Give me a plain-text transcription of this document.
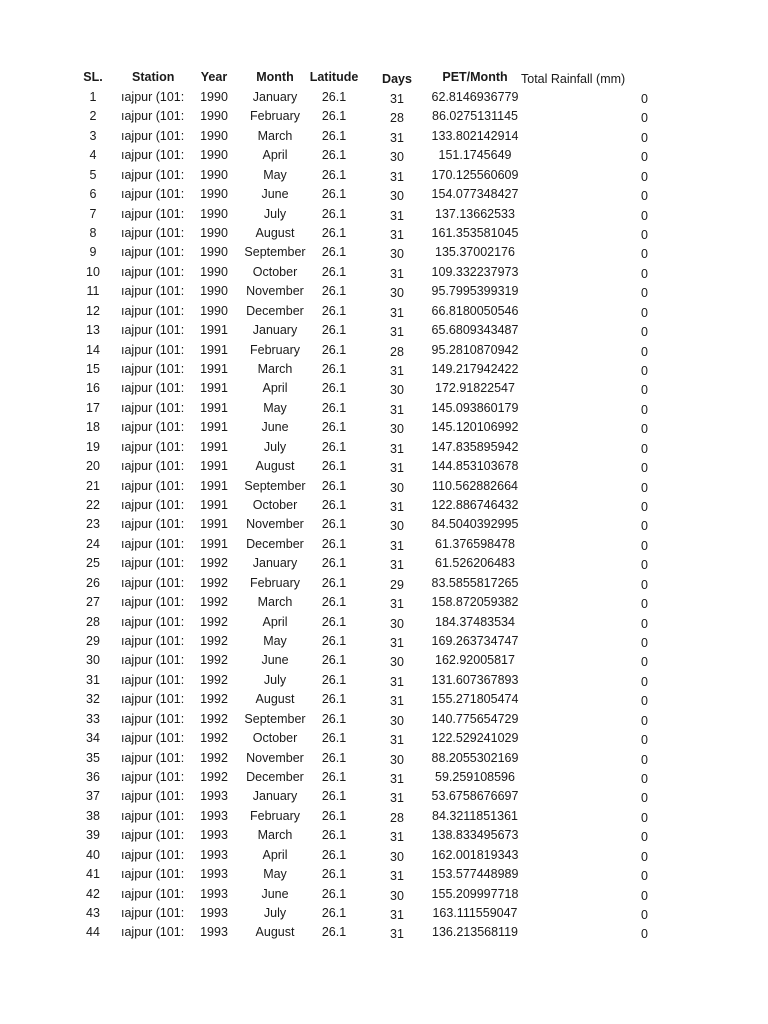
SL.	Station	Year	Month	Latitude	Days	PET/Month	Total Rainfall (mm)
1	ıajpur (101:	1990	January	26.1	31	62.8146936779	0
2	ıajpur (101:	1990	February	26.1	28	86.0275131145	0
3	ıajpur (101:	1990	March	26.1	31	133.802142914	0
4	ıajpur (101:	1990	April	26.1	30	151.1745649	0
5	ıajpur (101:	1990	May	26.1	31	170.125560609	0
6	ıajpur (101:	1990	June	26.1	30	154.077348427	0
7	ıajpur (101:	1990	July	26.1	31	137.13662533	0
8	ıajpur (101:	1990	August	26.1	31	161.353581045	0
9	ıajpur (101:	1990	September	26.1	30	135.37002176	0
10	ıajpur (101:	1990	October	26.1	31	109.332237973	0
11	ıajpur (101:	1990	November	26.1	30	95.7995399319	0
12	ıajpur (101:	1990	December	26.1	31	66.8180050546	0
13	ıajpur (101:	1991	January	26.1	31	65.6809343487	0
14	ıajpur (101:	1991	February	26.1	28	95.2810870942	0
15	ıajpur (101:	1991	March	26.1	31	149.217942422	0
16	ıajpur (101:	1991	April	26.1	30	172.91822547	0
17	ıajpur (101:	1991	May	26.1	31	145.093860179	0
18	ıajpur (101:	1991	June	26.1	30	145.120106992	0
19	ıajpur (101:	1991	July	26.1	31	147.835895942	0
20	ıajpur (101:	1991	August	26.1	31	144.853103678	0
21	ıajpur (101:	1991	September	26.1	30	110.562882664	0
22	ıajpur (101:	1991	October	26.1	31	122.886746432	0
23	ıajpur (101:	1991	November	26.1	30	84.5040392995	0
24	ıajpur (101:	1991	December	26.1	31	61.376598478	0
25	ıajpur (101:	1992	January	26.1	31	61.526206483	0
26	ıajpur (101:	1992	February	26.1	29	83.5855817265	0
27	ıajpur (101:	1992	March	26.1	31	158.872059382	0
28	ıajpur (101:	1992	April	26.1	30	184.37483534	0
29	ıajpur (101:	1992	May	26.1	31	169.263734747	0
30	ıajpur (101:	1992	June	26.1	30	162.92005817	0
31	ıajpur (101:	1992	July	26.1	31	131.607367893	0
32	ıajpur (101:	1992	August	26.1	31	155.271805474	0
33	ıajpur (101:	1992	September	26.1	30	140.775654729	0
34	ıajpur (101:	1992	October	26.1	31	122.529241029	0
35	ıajpur (101:	1992	November	26.1	30	88.2055302169	0
36	ıajpur (101:	1992	December	26.1	31	59.259108596	0
37	ıajpur (101:	1993	January	26.1	31	53.6758676697	0
38	ıajpur (101:	1993	February	26.1	28	84.3211851361	0
39	ıajpur (101:	1993	March	26.1	31	138.833495673	0
40	ıajpur (101:	1993	April	26.1	30	162.001819343	0
41	ıajpur (101:	1993	May	26.1	31	153.577448989	0
42	ıajpur (101:	1993	June	26.1	30	155.209997718	0
43	ıajpur (101:	1993	July	26.1	31	163.111559047	0
44	ıajpur (101:	1993	August	26.1	31	136.213568119	0
